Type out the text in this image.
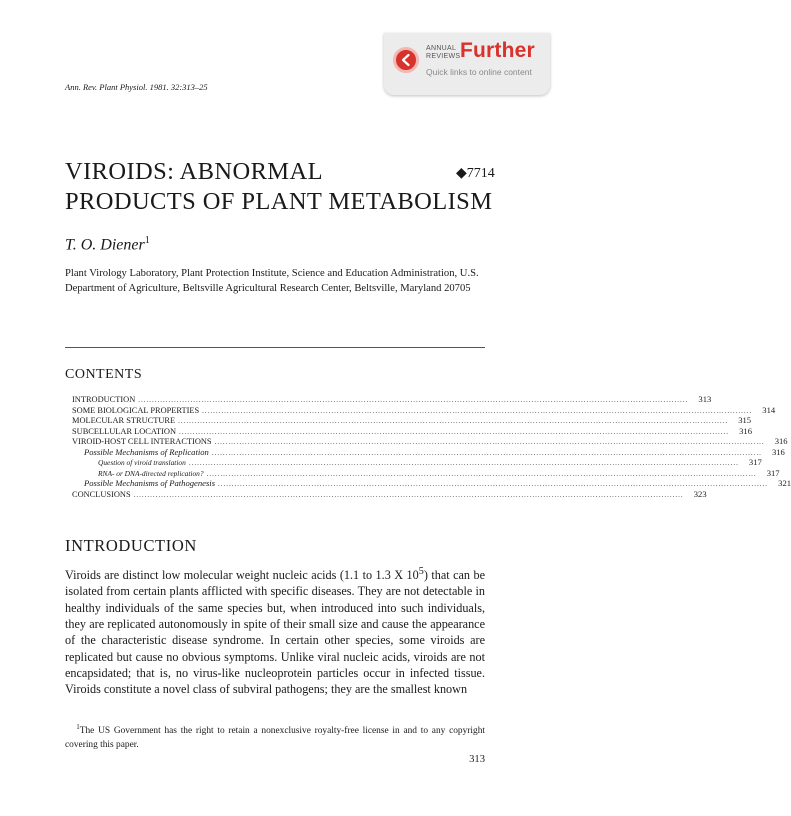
ANNUAL
REVIEWS Further
Quick links to online content
Ann. Rev. Plant Physiol. 1981. 32:313–25
VIROIDS: ABNORMAL
PRODUCTS OF PLANT METABOLISM
◆7714
T. O. Diener$^1$
Plant Virology Laboratory, Plant Protection Institute, Science and Education Administration, U.S. Department of Agriculture, Beltsville Agricultural Research Center, Beltsville, Maryland 20705
CONTENTS
INTRODUCTION ........................................................................................................................................................................................................	313
SOME BIOLOGICAL PROPERTIES ........................................................................................................................................................................................................	314
MOLECULAR STRUCTURE ........................................................................................................................................................................................................	315
SUBCELLULAR LOCATION ........................................................................................................................................................................................................	316
VIROID-HOST CELL INTERACTIONS ........................................................................................................................................................................................................	316
Possible Mechanisms of Replication ........................................................................................................................................................................................................	316
Question of viroid translation ........................................................................................................................................................................................................	317
RNA- or DNA-directed replication? ........................................................................................................................................................................................................	317
Possible Mechanisms of Pathogenesis ........................................................................................................................................................................................................	321
CONCLUSIONS ........................................................................................................................................................................................................	323
INTRODUCTION

Viroids are distinct low molecular weight nucleic acids (1.1 to 1.3 X $10^5$) that can be isolated from certain plants afflicted with specific diseases. They are not detectable in healthy individuals of the same species but, when introduced into such individuals, they are replicated autonomously in spite of their small size and cause the appearance of the characteristic disease syndrome. In certain other species, some viroids are replicated but cause no obvious symptoms. Unlike viral nucleic acids, viroids are not encapsidated; that is, no virus-like nucleoprotein particles occur in infected tissue. Viroids constitute a novel class of subviral pathogens; they are the smallest known

$^1$The US Government has the right to retain a nonexclusive royalty-free license in and to any copyright covering this paper.

313
